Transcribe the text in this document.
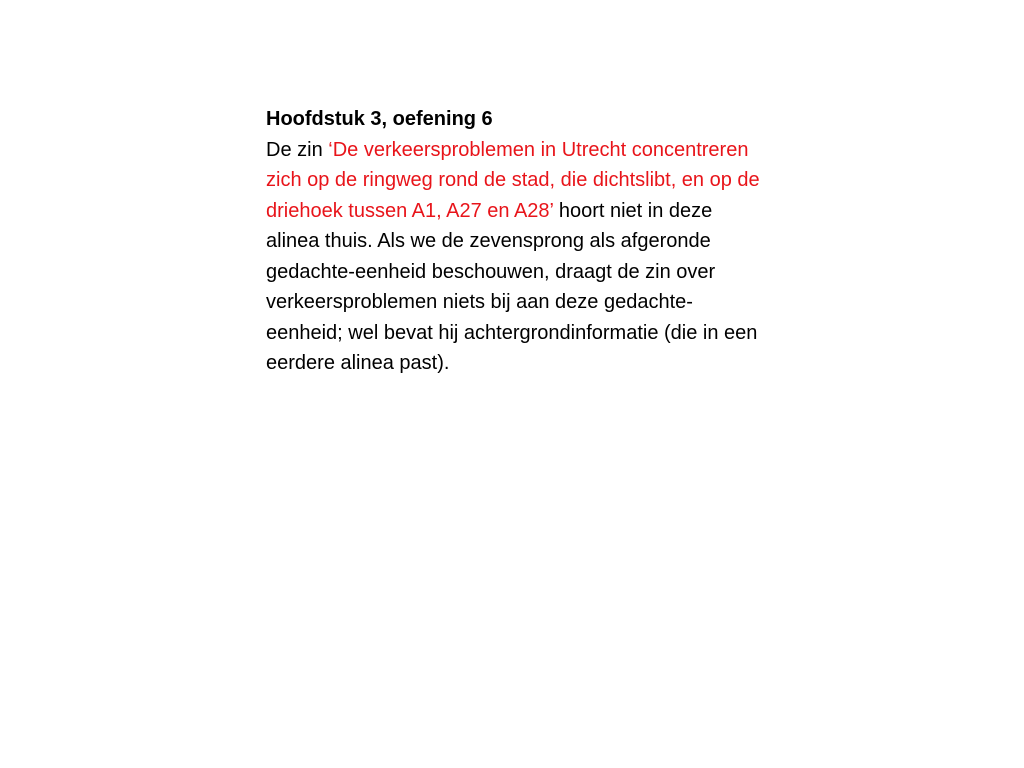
Hoofdstuk 3, oefening 6
De zin ‘De verkeersproblemen in Utrecht concentreren zich op de ringweg rond de stad, die dichtslibt, en op de driehoek tussen A1, A27 en A28’ hoort niet in deze alinea thuis. Als we de zevensprong als afgeronde gedachte-eenheid beschouwen, draagt de zin over verkeersproblemen niets bij aan deze gedachte-eenheid; wel bevat hij achtergrondinformatie (die in een eerdere alinea past).
